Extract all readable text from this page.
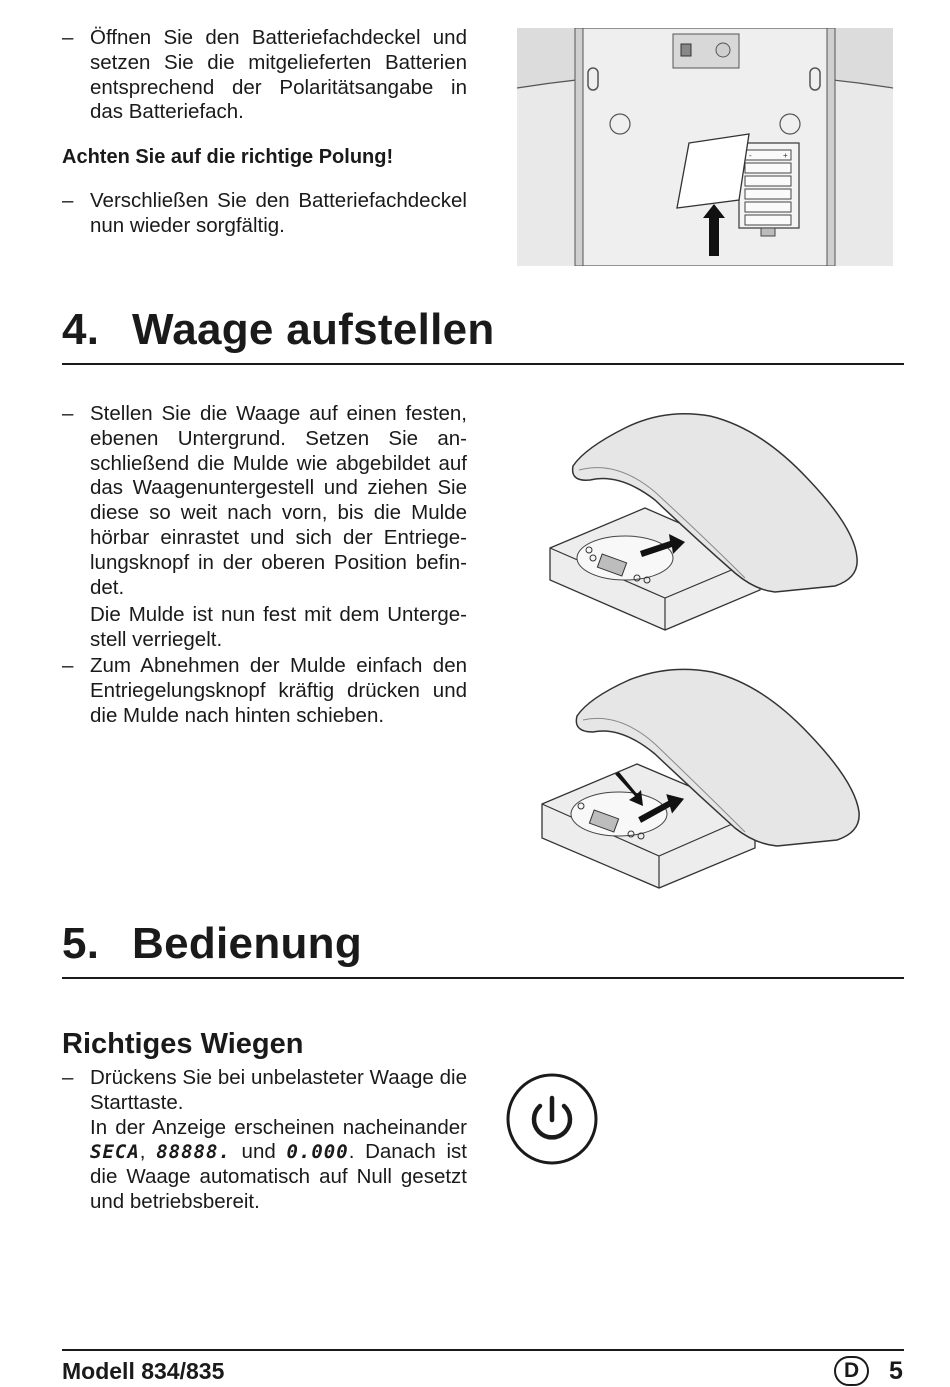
– Öffnen Sie den Batteriefachdeckel und setzen Sie die mitgelieferten Batterien entsprechend der Polaritätsangabe in das Batteriefach.

Achten Sie auf die richtige Polung!
– Verschließen Sie den Batteriefachdeckel nun wieder sorgfältig.

-	+
4. Waage aufstellen
– Stellen Sie die Waage auf einen festen, ebenen Untergrund. Setzen Sie anschließend die Mulde wie abgebildet auf das Waagenuntergestell und ziehen Sie diese so weit nach vorn, bis die Mulde hörbar einrastet und sich der Entriegelungsknopf in der oberen Position befindet.

Die Mulde ist nun fest mit dem Untergestell verriegelt.

– Zum Abnehmen der Mulde einfach den Entriegelungsknopf kräftig drücken und die Mulde nach hinten schieben.

5. Bedienung
Richtiges Wiegen
– Drückens Sie bei unbelasteter Waage die Starttaste.

In der Anzeige erscheinen nacheinander SECA, 88888. und 0.000. Danach ist die Waage automatisch auf Null gesetzt und betriebsbereit.

Modell 834/835	D	5
